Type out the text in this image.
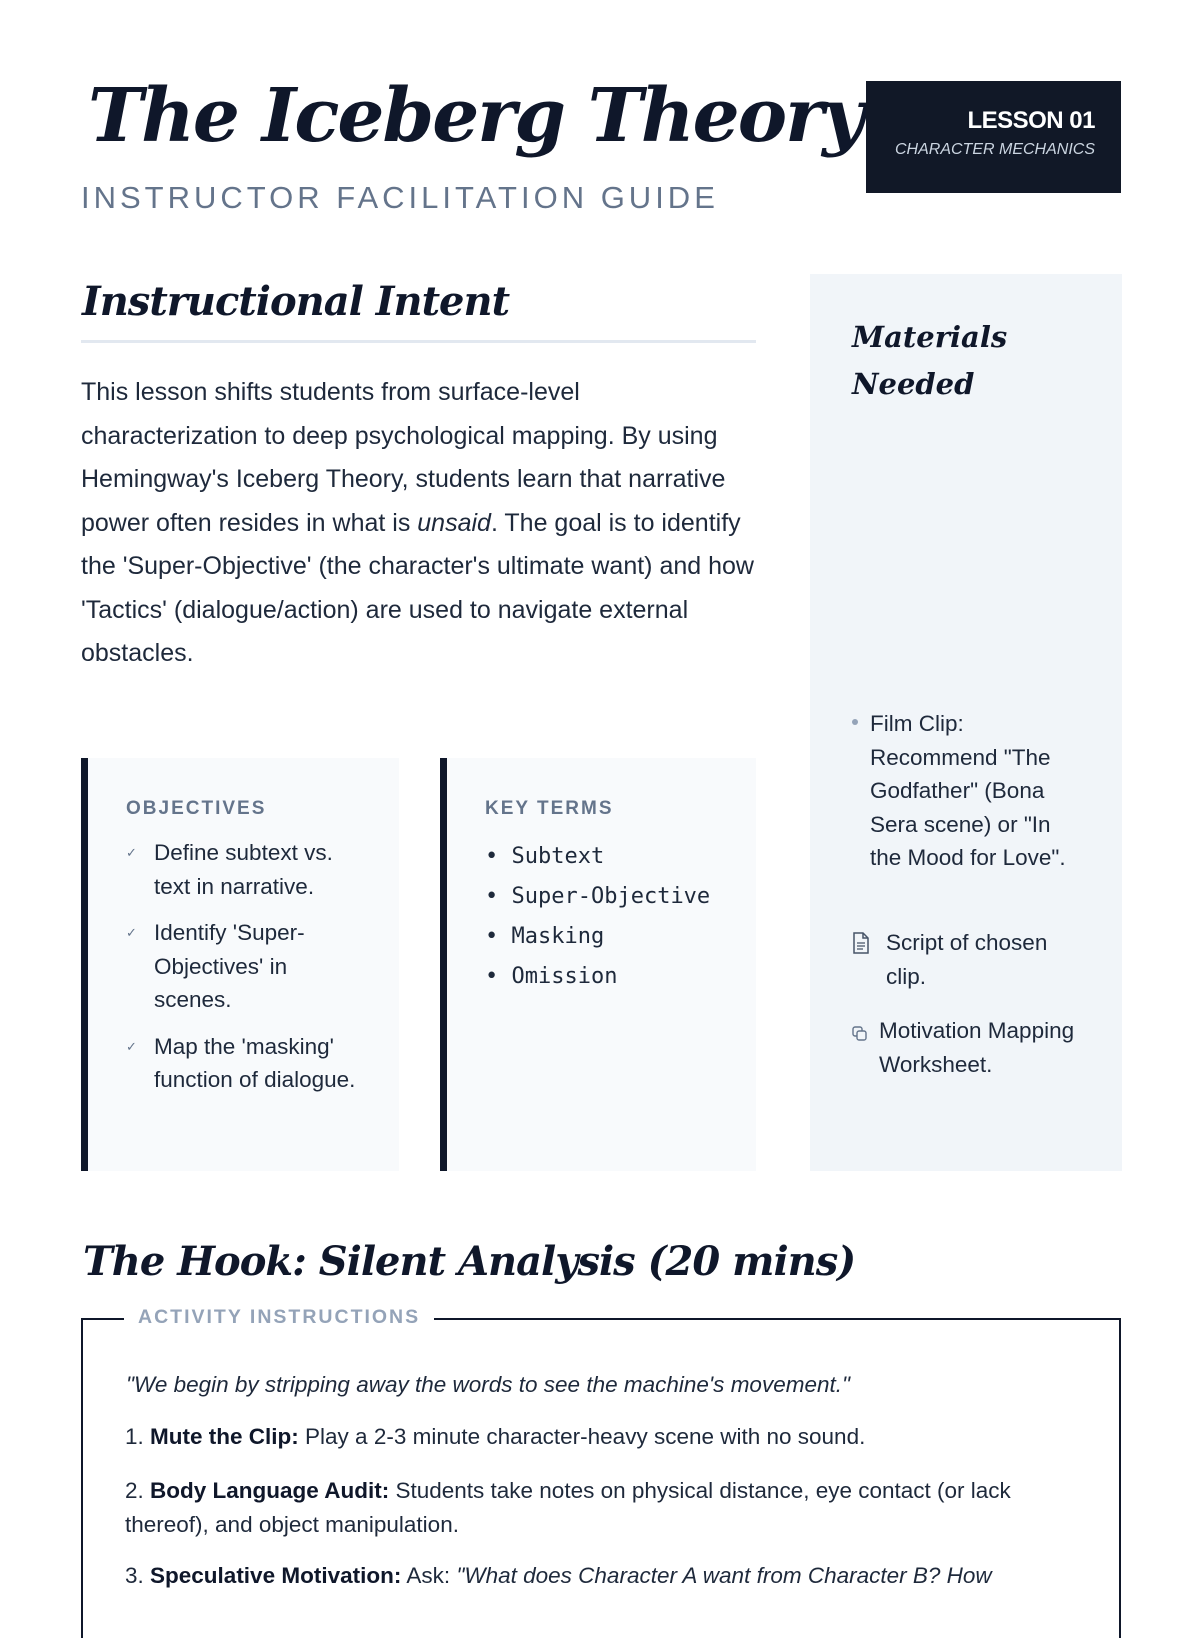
The Iceberg Theory
INSTRUCTOR FACILITATION GUIDE
LESSON 01
CHARACTER MECHANICS
Instructional Intent

This lesson shifts students from surface-level characterization to deep psychological mapping. By using Hemingway's Iceberg Theory, students learn that narrative power often resides in what is unsaid. The goal is to identify the 'Super-Objective' (the character's ultimate want) and how 'Tactics' (dialogue/action) are used to navigate external obstacles.

OBJECTIVES
✓ Define subtext vs. text in narrative.
✓ Identify 'Super-Objectives' in scenes.
✓ Map the 'masking' function of dialogue.
KEY TERMS
• Subtext
• Super-Objective
• Masking
• Omission
Materials Needed
Film Clip: Recommend "The Godfather" (Bona Sera scene) or "In the Mood for Love".
Script of chosen clip.
Motivation Mapping Worksheet.
The Hook: Silent Analysis (20 mins)
ACTIVITY INSTRUCTIONS
"We begin by stripping away the words to see the machine's movement."
1. Mute the Clip: Play a 2-3 minute character-heavy scene with no sound.
2. Body Language Audit: Students take notes on physical distance, eye contact (or lack thereof), and object manipulation.
3. Speculative Motivation: Ask: "What does Character A want from Character B? How
